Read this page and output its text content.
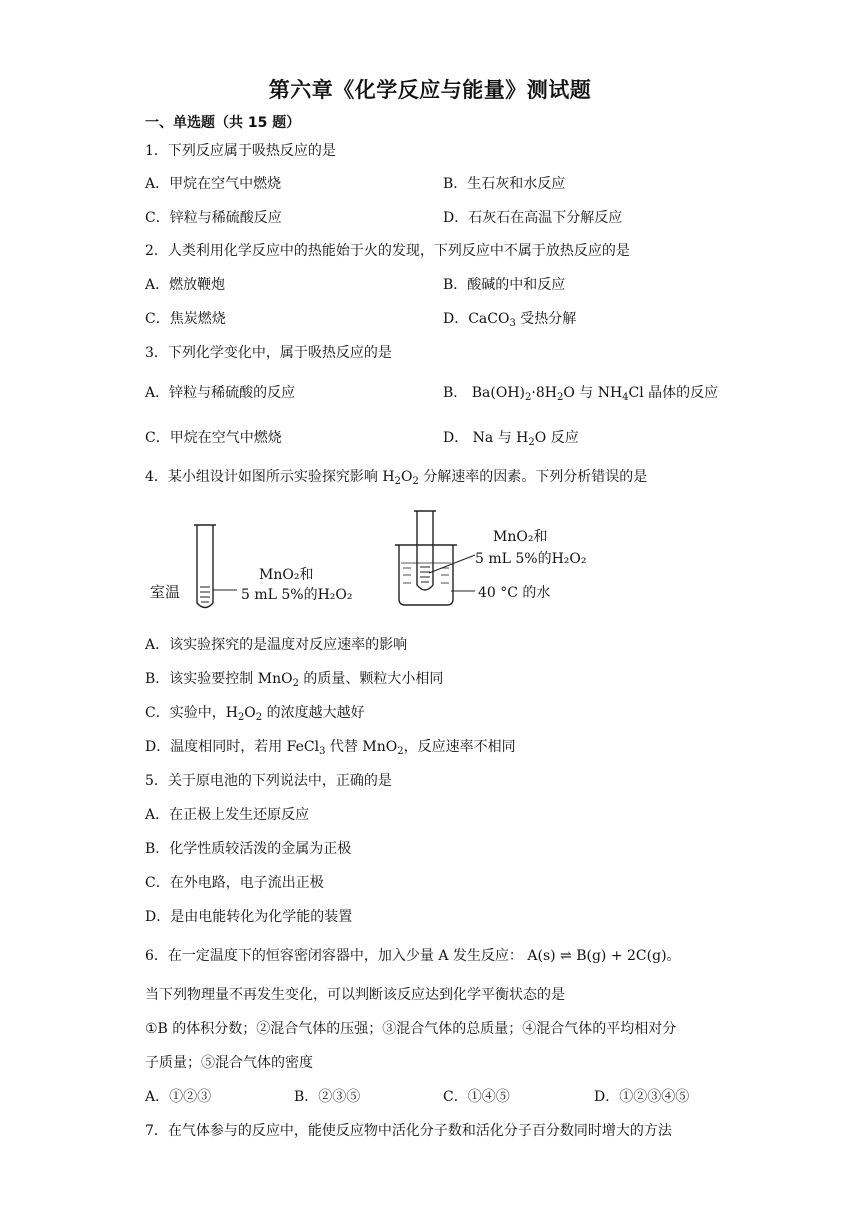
第六章《化学反应与能量》测试题
一、单选题（共 15 题）
1．下列反应属于吸热反应的是
A．甲烷在空气中燃烧	B．生石灰和水反应
C．锌粒与稀硫酸反应	D．石灰石在高温下分解反应
2．人类利用化学反应中的热能始于火的发现，下列反应中不属于放热反应的是
A．燃放鞭炮	B．酸碱的中和反应
C．焦炭燃烧	D．CaCO$_3$ 受热分解
3．下列化学变化中，属于吸热反应的是
A．锌粒与稀硫酸的反应	B． $Ba(OH)_2\cdot 8H_2O$ 与 $NH_4Cl$ 晶体的反应
C．甲烷在空气中燃烧	D． Na 与 $H_2O$ 反应
4．某小组设计如图所示实验探究影响 $H_2O_2$ 分解速率的因素。下列分析错误的是
室温
MnO₂和
5 mL 5%的H₂O₂
MnO₂和
5 mL 5%的H₂O₂
40 °C 的水
A．该实验探究的是温度对反应速率的影响
B．该实验要控制 MnO$_2$ 的质量、颗粒大小相同
C．实验中，$H_2O_2$ 的浓度越大越好
D．温度相同时，若用 FeCl$_3$ 代替 MnO$_2$，反应速率不相同
5．关于原电池的下列说法中，正确的是
A．在正极上发生还原反应
B．化学性质较活泼的金属为正极
C．在外电路，电子流出正极
D．是由电能转化为化学能的装置
6．在一定温度下的恒容密闭容器中，加入少量 A 发生反应： A(s) ⇌ B(g) + 2C(g)。
当下列物理量不再发生变化，可以判断该反应达到化学平衡状态的是
①B 的体积分数；②混合气体的压强；③混合气体的总质量；④混合气体的平均相对分
子质量；⑤混合气体的密度
A．①②③	B．②③⑤	C．①④⑤	D．①②③④⑤
7．在气体参与的反应中，能使反应物中活化分子数和活化分子百分数同时增大的方法
